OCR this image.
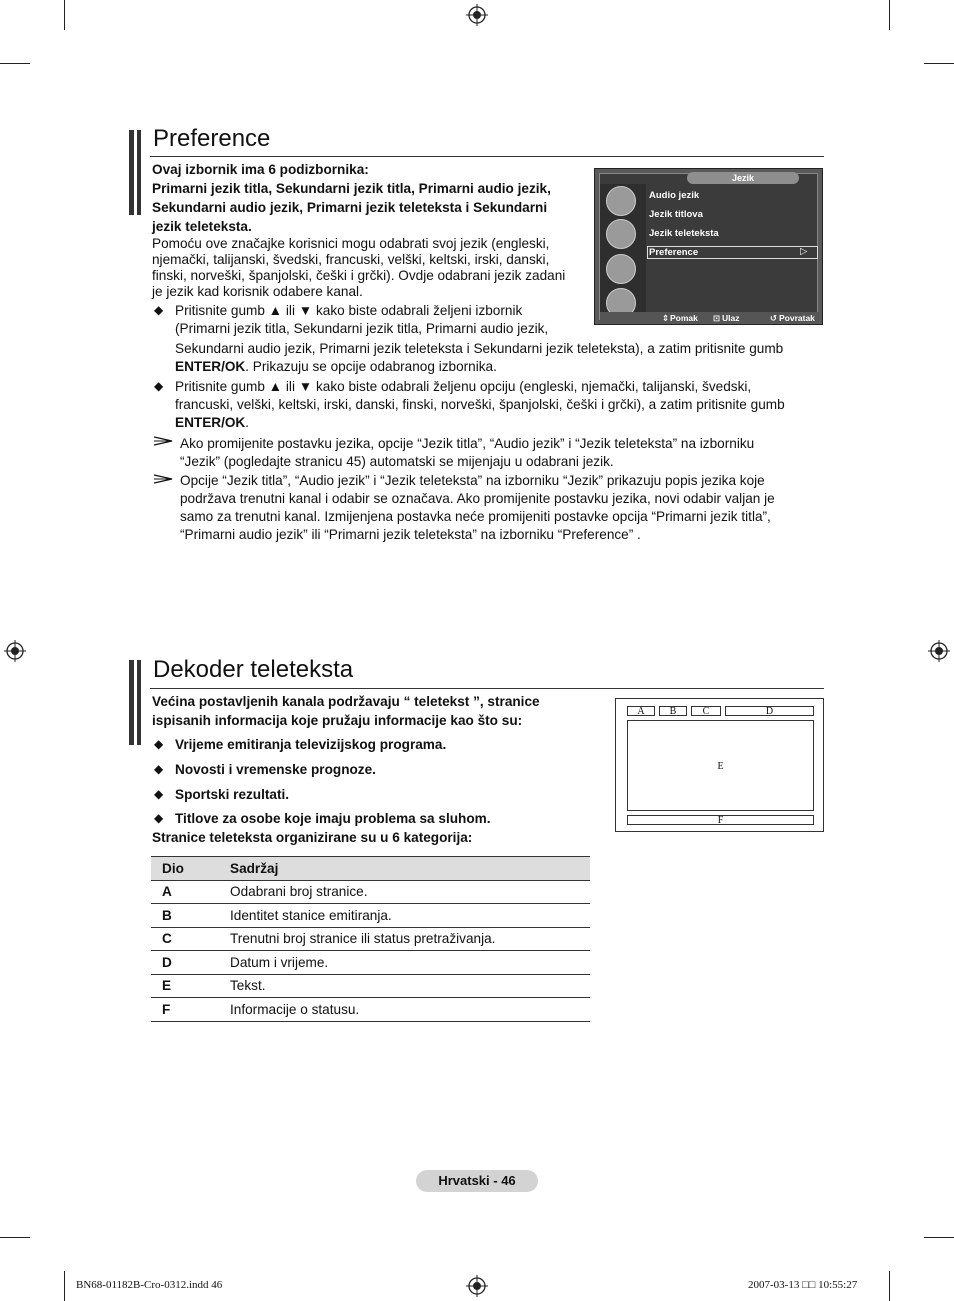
Preference

Ovaj izbornik ima 6 podizbornika:

Primarni jezik titla, Sekundarni jezik titla, Primarni audio jezik,

Sekundarni audio jezik, Primarni jezik teleteksta i Sekundarni

jezik teleteksta.

Pomoću ove značajke korisnici mogu odabrati svoj jezik (engleski,

njemački, talijanski, švedski, francuski, velški, keltski, irski, danski,

finski, norveški, španjolski, češki i grčki). Ovdje odabrani jezik zadani

je jezik kad korisnik odabere kanal.

◆ Pritisnite gumb ▲ ili ▼ kako biste odabrali željeni izbornik

(Primarni jezik titla, Sekundarni jezik titla, Primarni audio jezik,

Sekundarni audio jezik, Primarni jezik teleteksta i Sekundarni jezik teleteksta), a zatim pritisnite gumb

ENTER/OK. Prikazuju se opcije odabranog izbornika.

◆ Pritisnite gumb ▲ ili ▼ kako biste odabrali željenu opciju (engleski, njemački, talijanski, švedski,

francuski, velški, keltski, irski, danski, finski, norveški, španjolski, češki i grčki), a zatim pritisnite gumb

ENTER/OK.

Ako promijenite postavku jezika, opcije “Jezik titla”, “Audio jezik” i “Jezik teleteksta” na izborniku

“Jezik” (pogledajte stranicu 45) automatski se mijenjaju u odabrani jezik.

Opcije “Jezik titla”, “Audio jezik” i “Jezik teleteksta” na izborniku “Jezik” prikazuju popis jezika koje

podržava trenutni kanal i odabir se označava. Ako promijenite postavku jezika, novi odabir valjan je

samo za trenutni kanal. Izmijenjena postavka neće promijeniti postavke opcija “Primarni jezik titla”,

“Primarni audio jezik” ili “Primarni jezik teleteksta” na izborniku “Preference” .

Jezik
Audio jezik
Jezik titlova
Jezik teleteksta
Preference	▷
⇕ Pomak ⊡ Ulaz	↺ Povratak
Dekoder teleteksta

Većina postavljenih kanala podržavaju “ teletekst ”, stranice

ispisanih informacija koje pružaju informacije kao što su:

◆ Vrijeme emitiranja televizijskog programa.

◆ Novosti i vremenske prognoze.

◆ Sportski rezultati.

◆ Titlove za osobe koje imaju problema sa sluhom.

Stranice teleteksta organizirane su u 6 kategorija:

A	B	C	D
E
F
Dio	Sadržaj
A	Odabrani broj stranice.
B	Identitet stanice emitiranja.
C	Trenutni broj stranice ili status pretraživanja.
D	Datum i vrijeme.
E	Tekst.
F	Informacije o statusu.
Hrvatski - 46
BN68-01182B-Cro-0312.indd 46	2007-03-13 □□ 10:55:27
